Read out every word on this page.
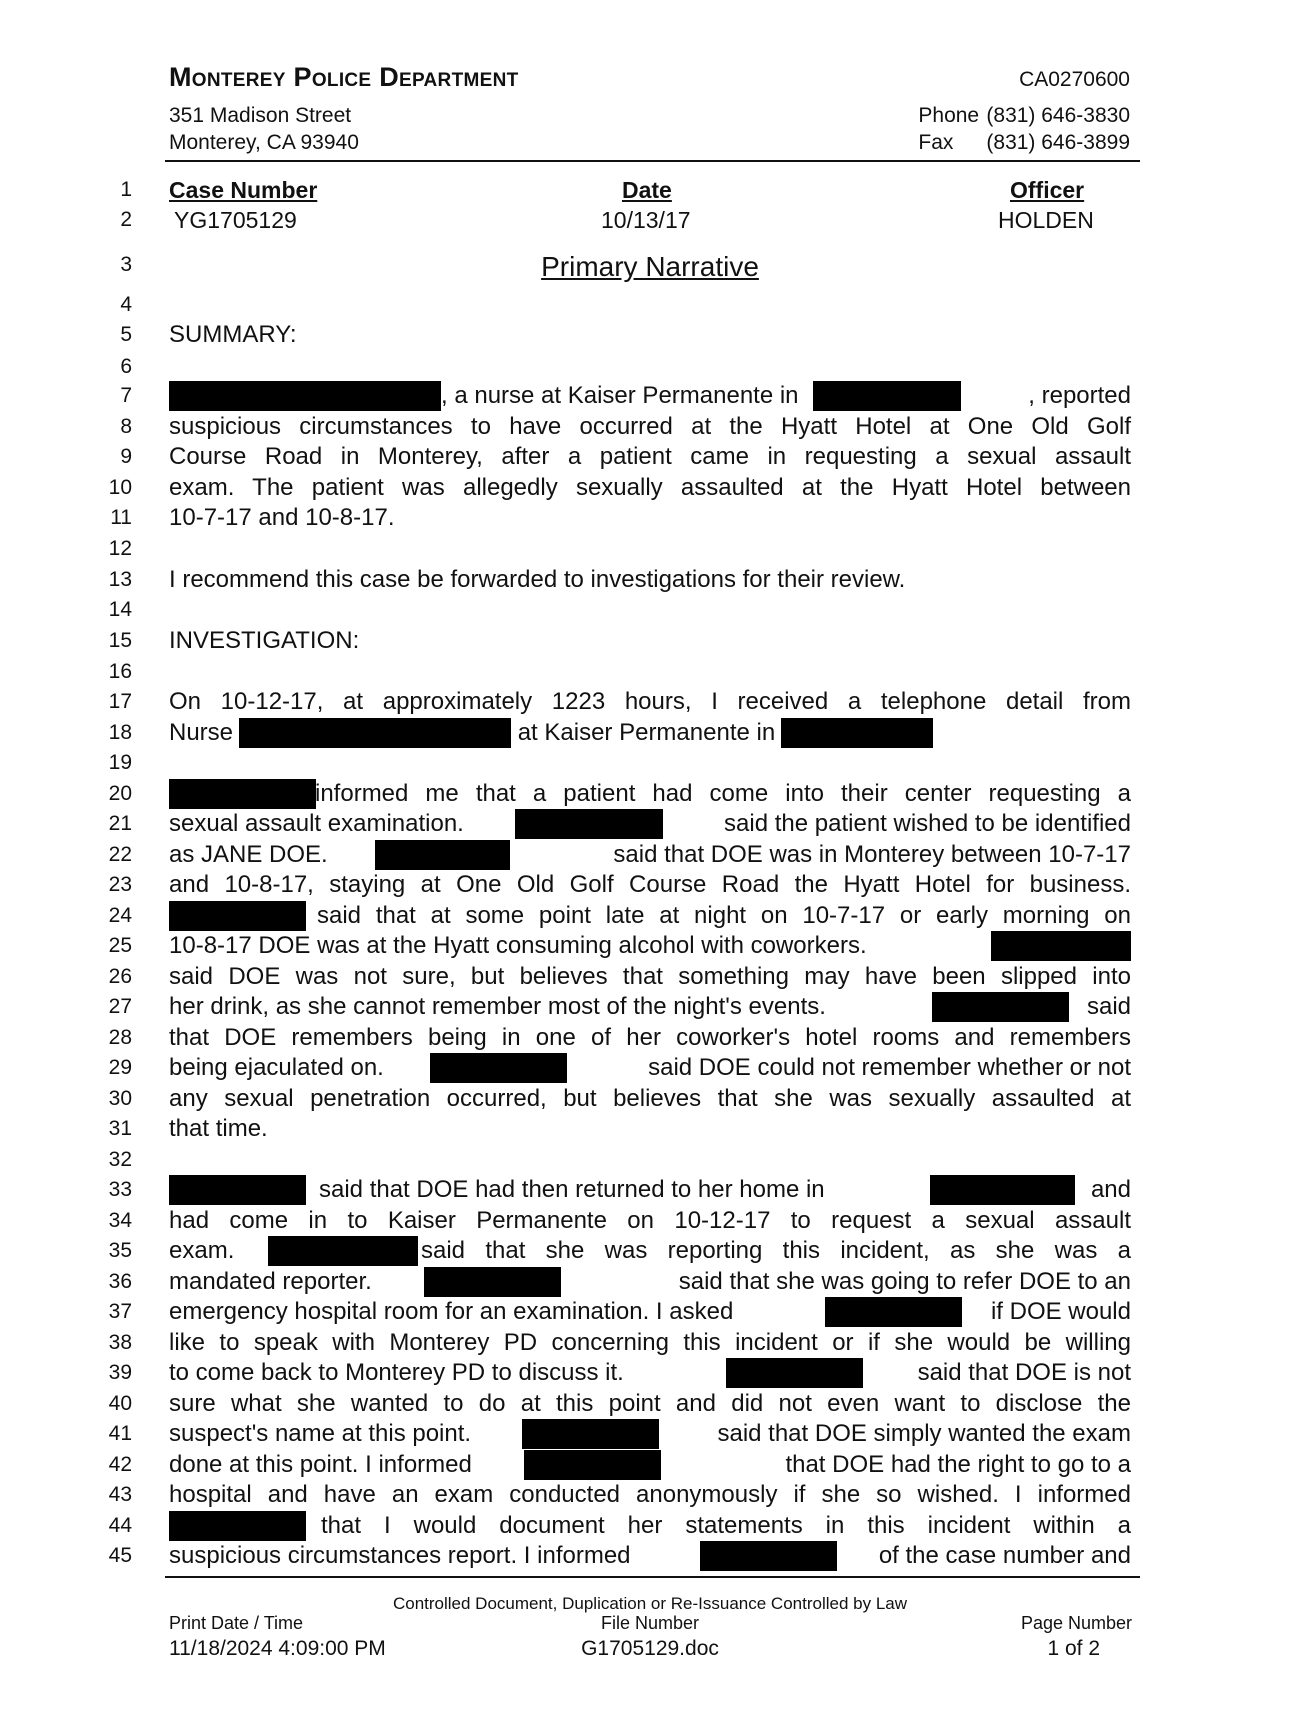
Monterey Police Department	CA0270600
351 Madison Street
Monterey, CA 93940
Phone (831) 646-3830
Fax (831) 646-3899
1
2
3
4
5
6
7
8
9
10
11
12
13
14
15
16
17
18
19
20
21
22
23
24
25
26
27
28
29
30
31
32
33
34
35
36
37
38
39
40
41
42
43
44
45
Case Number	Date	Officer
YG1705129	10/13/17	HOLDEN
Primary Narrative
SUMMARY:
, a nurse at Kaiser Permanente in	, reported
suspicious circumstances to have occurred at the Hyatt Hotel at One Old Golf
Course Road in Monterey, after a patient came in requesting a sexual assault
exam. The patient was allegedly sexually assaulted at the Hyatt Hotel between
10-7-17 and 10-8-17.
I recommend this case be forwarded to investigations for their review.
INVESTIGATION:
On 10-12-17, at approximately 1223 hours, I received a telephone detail from
Nurse	at Kaiser Permanente in
informed me that a patient had come into their center requesting a
sexual assault examination.	said the patient wished to be identified
as JANE DOE.	said that DOE was in Monterey between 10-7-17
and 10-8-17, staying at One Old Golf Course Road the Hyatt Hotel for business.
said that at some point late at night on 10-7-17 or early morning on
10-8-17 DOE was at the Hyatt consuming alcohol with coworkers.
said DOE was not sure, but believes that something may have been slipped into
her drink, as she cannot remember most of the night's events.	said
that DOE remembers being in one of her coworker's hotel rooms and remembers
being ejaculated on.	said DOE could not remember whether or not
any sexual penetration occurred, but believes that she was sexually assaulted at
that time.
said that DOE had then returned to her home in	and
had come in to Kaiser Permanente on 10-12-17 to request a sexual assault
exam.	said that she was reporting this incident, as she was a
mandated reporter.	said that she was going to refer DOE to an
emergency hospital room for an examination. I asked	if DOE would
like to speak with Monterey PD concerning this incident or if she would be willing
to come back to Monterey PD to discuss it.	said that DOE is not
sure what she wanted to do at this point and did not even want to disclose the
suspect's name at this point.	said that DOE simply wanted the exam
done at this point. I informed	that DOE had the right to go to a
hospital and have an exam conducted anonymously if she so wished. I informed
that I would document her statements in this incident within a
suspicious circumstances report. I informed	of the case number and
Controlled Document, Duplication or Re-Issuance Controlled by Law
Print Date / Time
11/18/2024 4:09:00 PM
File Number
G1705129.doc
Page Number
1 of 2
